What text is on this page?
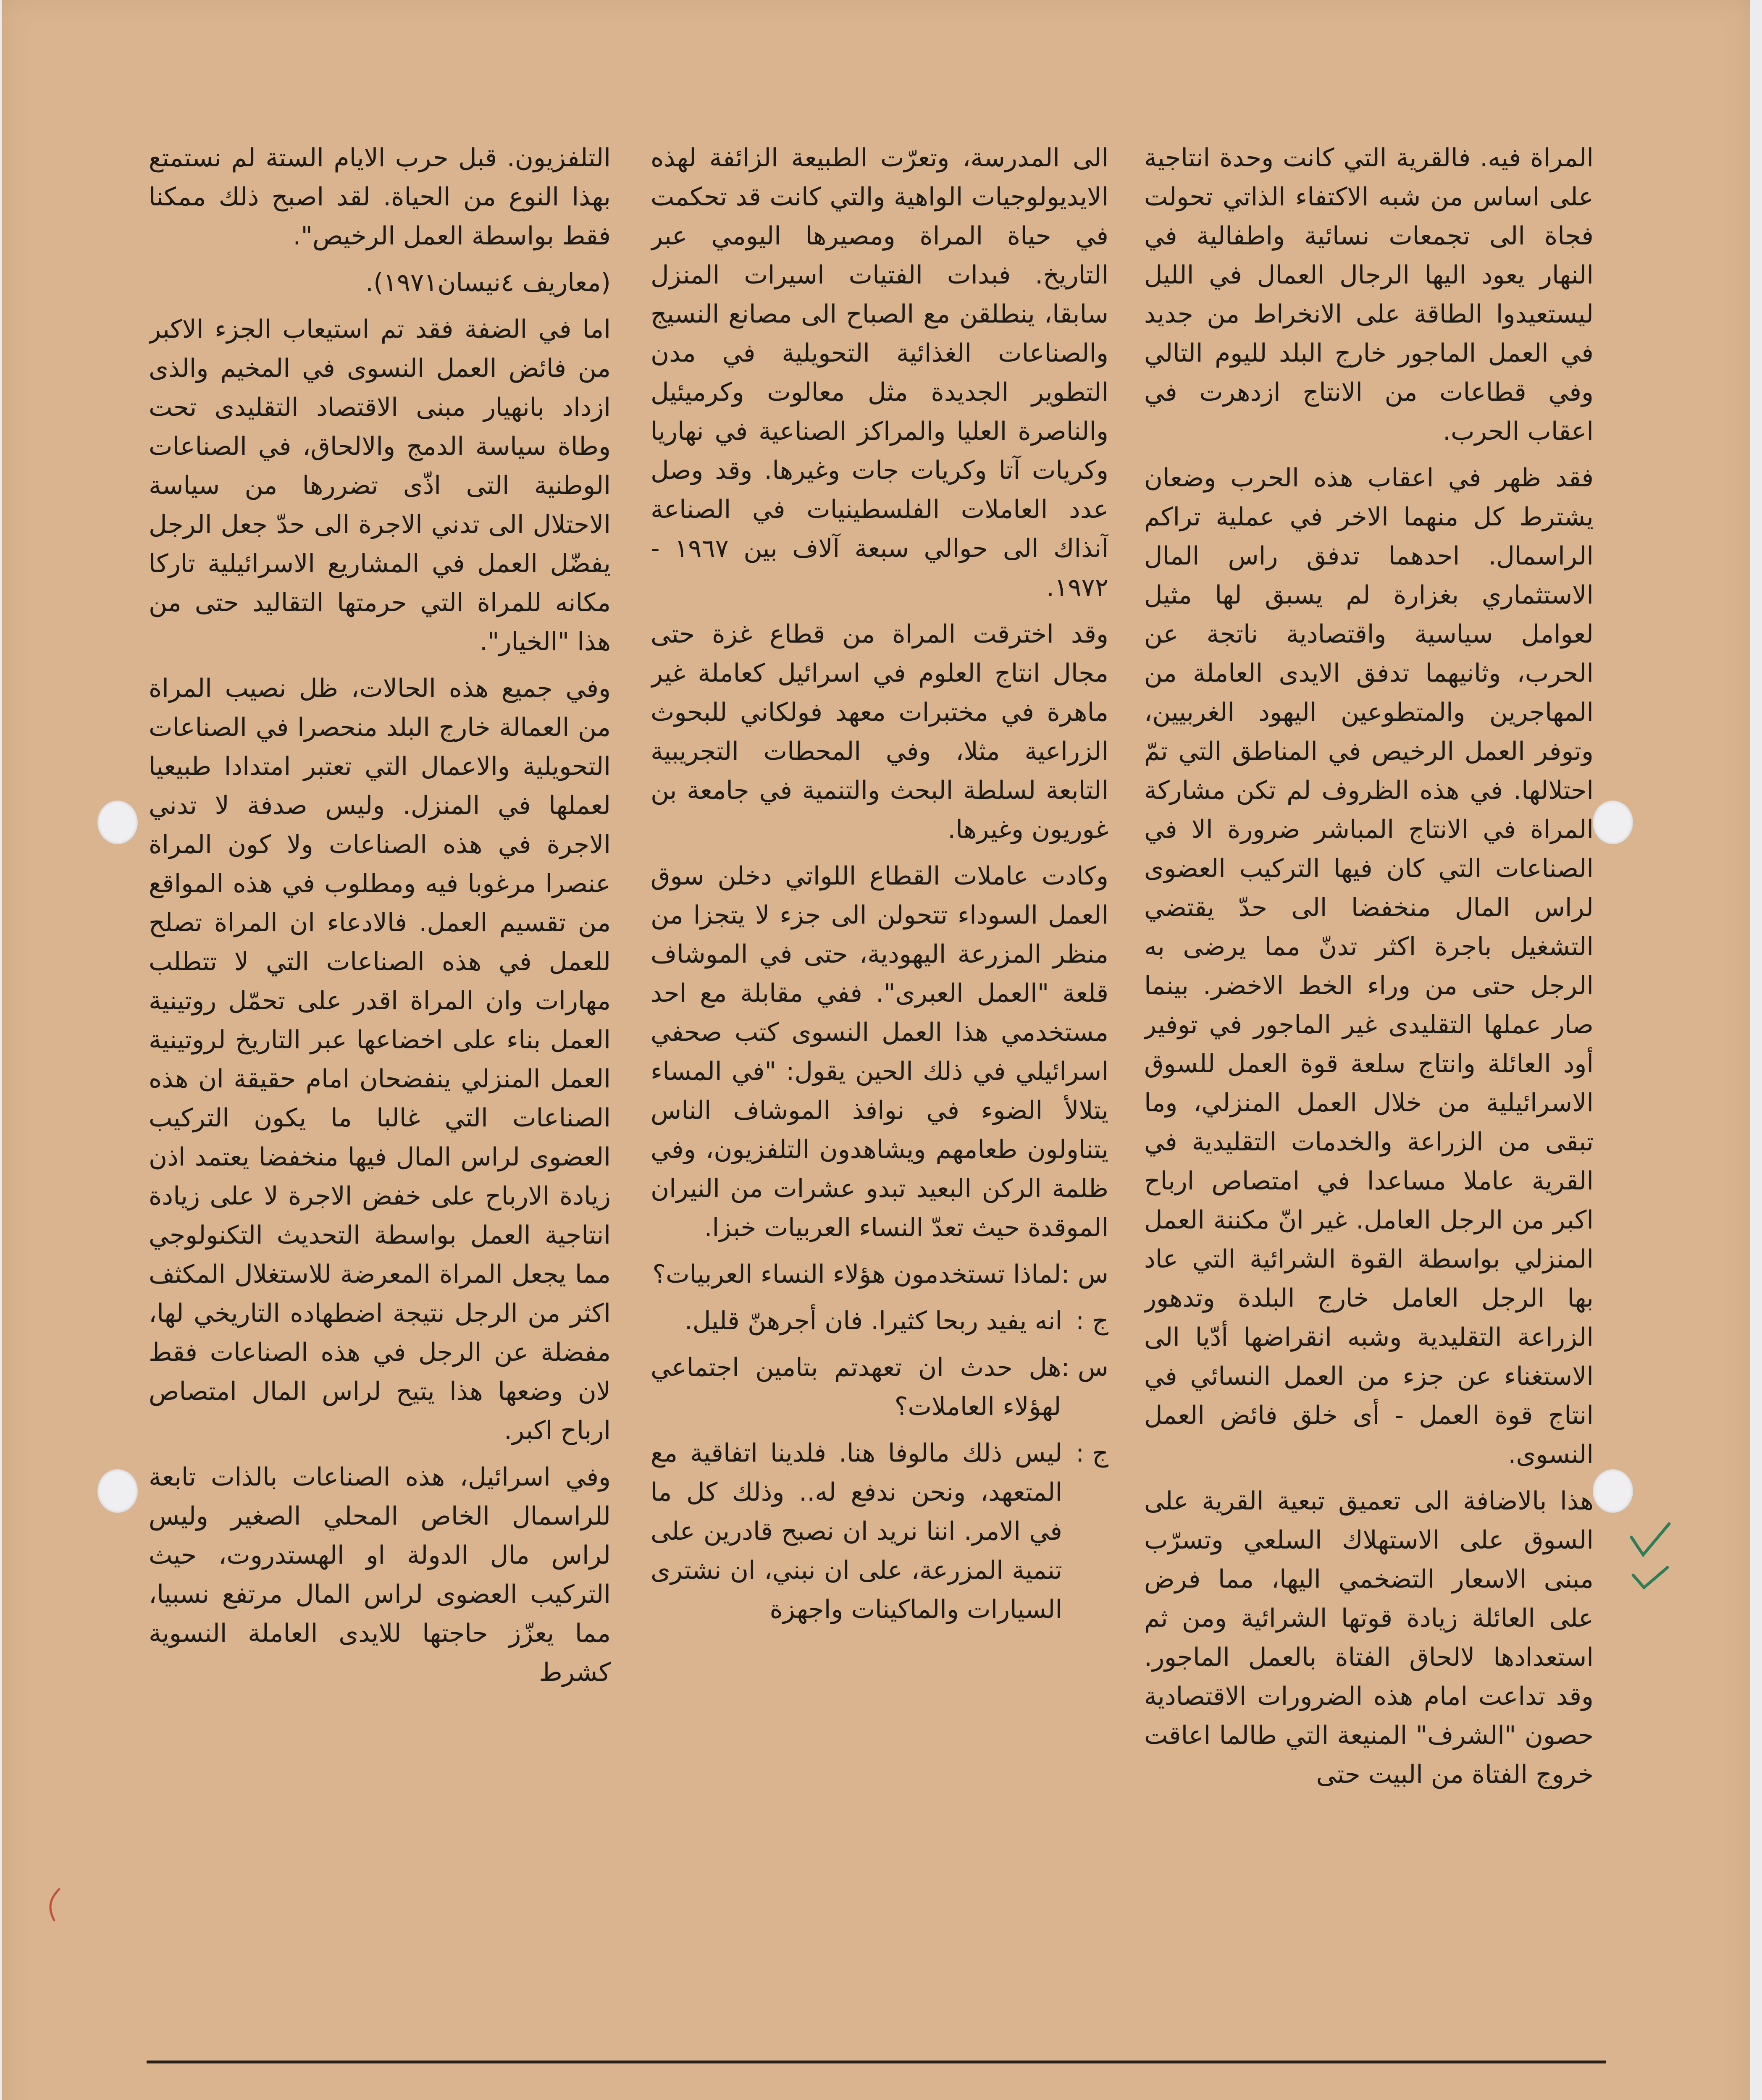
المراة فيه. فالقرية التي كانت وحدة انتاجية على اساس من شبه الاكتفاء الذاتي تحولت فجاة الى تجمعات نسائية واطفالية في النهار يعود اليها الرجال العمال في الليل ليستعيدوا الطاقة على الانخراط من جديد في العمل الماجور خارج البلد لليوم التالي وفي قطاعات من الانتاج ازدهرت في اعقاب الحرب.

فقد ظهر في اعقاب هذه الحرب وضعان يشترط كل منهما الاخر في عملية تراكم الراسمال. احدهما تدفق راس المال الاستثماري بغزارة لم يسبق لها مثيل لعوامل سياسية واقتصادية ناتجة عن الحرب، وثانيهما تدفق الايدى العاملة من المهاجرين والمتطوعين اليهود الغربيين، وتوفر العمل الرخيص في المناطق التي تمّ احتلالها. في هذه الظروف لم تكن مشاركة المراة في الانتاج المباشر ضرورة الا في الصناعات التي كان فيها التركيب العضوى لراس المال منخفضا الى حدّ يقتضي التشغيل باجرة اكثر تدنّ مما يرضى به الرجل حتى من وراء الخط الاخضر. بينما صار عملها التقليدى غير الماجور في توفير أود العائلة وانتاج سلعة قوة العمل للسوق الاسرائيلية من خلال العمل المنزلي، وما تبقى من الزراعة والخدمات التقليدية في القرية عاملا مساعدا في امتصاص ارباح اكبر من الرجل العامل. غير انّ مكننة العمل المنزلي بواسطة القوة الشرائية التي عاد بها الرجل العامل خارج البلدة وتدهور الزراعة التقليدية وشبه انقراضها أدّيا الى الاستغناء عن جزء من العمل النسائي في انتاج قوة العمل - أى خلق فائض العمل النسوى.

هذا بالاضافة الى تعميق تبعية القرية على السوق على الاستهلاك السلعي وتسرّب مبنى الاسعار التضخمي اليها، مما فرض على العائلة زيادة قوتها الشرائية ومن ثم استعدادها لالحاق الفتاة بالعمل الماجور. وقد تداعت امام هذه الضرورات الاقتصادية حصون "الشرف" المنيعة التي طالما اعاقت خروج الفتاة من البيت حتى

الى المدرسة، وتعرّت الطبيعة الزائفة لهذه الايديولوجيات الواهية والتي كانت قد تحكمت في حياة المراة ومصيرها اليومي عبر التاريخ. فبدات الفتيات اسيرات المنزل سابقا، ينطلقن مع الصباح الى مصانع النسيج والصناعات الغذائية التحويلية في مدن التطوير الجديدة مثل معالوت وكرميئيل والناصرة العليا والمراكز الصناعية في نهاريا وكريات آتا وكريات جات وغيرها. وقد وصل عدد العاملات الفلسطينيات في الصناعة آنذاك الى حوالي سبعة آلاف بين ١٩٦٧ - ١٩٧٢.

وقد اخترقت المراة من قطاع غزة حتى مجال انتاج العلوم في اسرائيل كعاملة غير ماهرة في مختبرات معهد فولكاني للبحوث الزراعية مثلا، وفي المحطات التجريبية التابعة لسلطة البحث والتنمية في جامعة بن غوريون وغيرها.

وكادت عاملات القطاع اللواتي دخلن سوق العمل السوداء تتحولن الى جزء لا يتجزا من منظر المزرعة اليهودية، حتى في الموشاف قلعة "العمل العبرى". ففي مقابلة مع احد مستخدمي هذا العمل النسوى كتب صحفي اسرائيلي في ذلك الحين يقول: "في المساء يتلالأ الضوء في نوافذ الموشاف الناس يتناولون طعامهم ويشاهدون التلفزيون، وفي ظلمة الركن البعيد تبدو عشرات من النيران الموقدة حيث تعدّ النساء العربيات خبزا.

س :
لماذا تستخدمون هؤلاء النساء العربيات؟
ج :
انه يفيد ربحا كثيرا. فان أجرهنّ قليل.
س :
هل حدث ان تعهدتم بتامين اجتماعي لهؤلاء العاملات؟
ج :
ليس ذلك مالوفا هنا. فلدينا اتفاقية مع المتعهد، ونحن ندفع له.. وذلك كل ما في الامر. اننا نريد ان نصبح قادرين على تنمية المزرعة، على ان نبني، ان نشترى السيارات والماكينات واجهزة

التلفزيون. قبل حرب الايام الستة لم نستمتع بهذا النوع من الحياة. لقد اصبح ذلك ممكنا فقط بواسطة العمل الرخيص".

(معاريف ٤نيسان١٩٧١).

اما في الضفة فقد تم استيعاب الجزء الاكبر من فائض العمل النسوى في المخيم والذى ازداد بانهيار مبنى الاقتصاد التقليدى تحت وطاة سياسة الدمج والالحاق، في الصناعات الوطنية التى اذّى تضررها من سياسة الاحتلال الى تدني الاجرة الى حدّ جعل الرجل يفضّل العمل في المشاريع الاسرائيلية تاركا مكانه للمراة التي حرمتها التقاليد حتى من هذا "الخيار".

وفي جميع هذه الحالات، ظل نصيب المراة من العمالة خارج البلد منحصرا في الصناعات التحويلية والاعمال التي تعتبر امتدادا طبيعيا لعملها في المنزل. وليس صدفة لا تدني الاجرة في هذه الصناعات ولا كون المراة عنصرا مرغوبا فيه ومطلوب في هذه المواقع من تقسيم العمل. فالادعاء ان المراة تصلح للعمل في هذه الصناعات التي لا تتطلب مهارات وان المراة اقدر على تحمّل روتينية العمل بناء على اخضاعها عبر التاريخ لروتينية العمل المنزلي ينفضحان امام حقيقة ان هذه الصناعات التي غالبا ما يكون التركيب العضوى لراس المال فيها منخفضا يعتمد اذن زيادة الارباح على خفض الاجرة لا على زيادة انتاجية العمل بواسطة التحديث التكنولوجي مما يجعل المراة المعرضة للاستغلال المكثف اكثر من الرجل نتيجة اضطهاده التاريخي لها، مفضلة عن الرجل في هذه الصناعات فقط لان وضعها هذا يتيح لراس المال امتصاص ارباح اكبر.

وفي اسرائيل، هذه الصناعات بالذات تابعة للراسمال الخاص المحلي الصغير وليس لراس مال الدولة او الهستدروت، حيث التركيب العضوى لراس المال مرتفع نسبيا، مما يعزّز حاجتها للايدى العاملة النسوية كشرط
